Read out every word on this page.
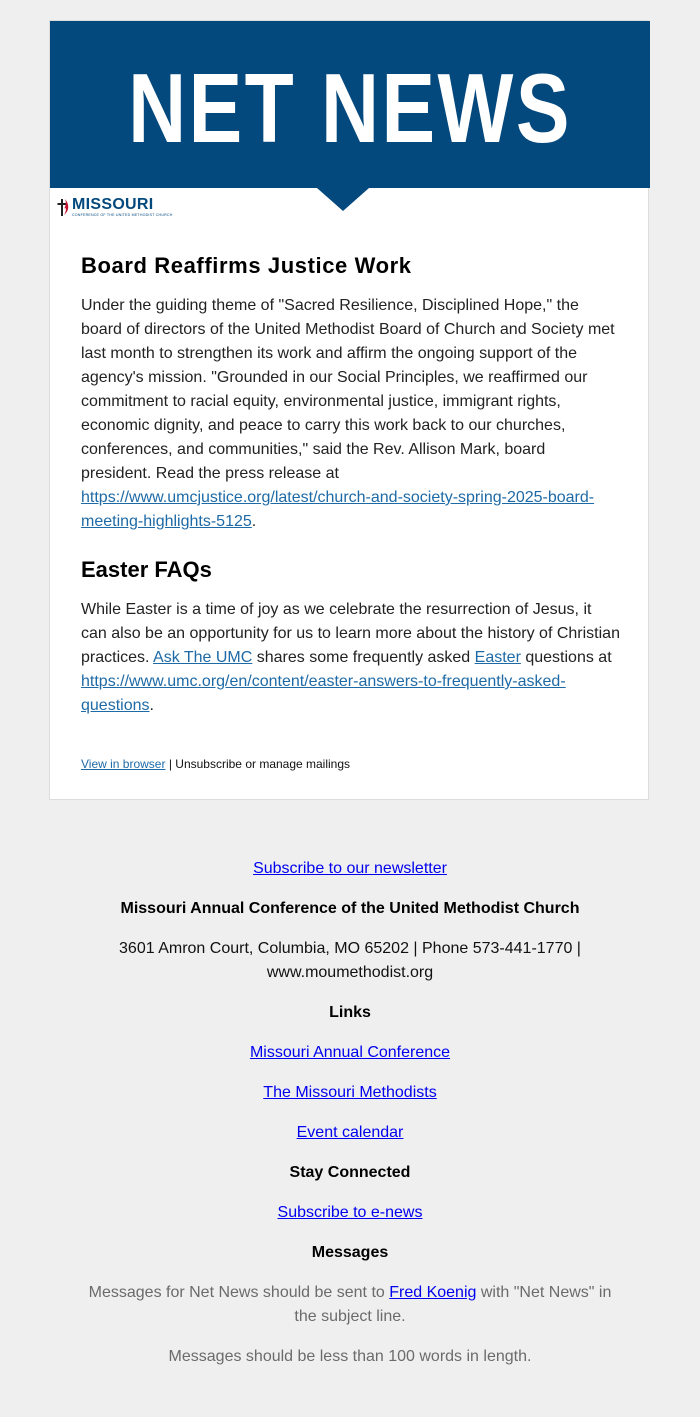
NET NEWS
MISSOURI
CONFERENCE OF THE UNITED METHODIST CHURCH
Board Reaffirms Justice Work

Under the guiding theme of "Sacred Resilience, Disciplined Hope," the
board of directors of the United Methodist Board of Church and Society met
last month to strengthen its work and affirm the ongoing support of the
agency's mission. "Grounded in our Social Principles, we reaffirmed our
commitment to racial equity, environmental justice, immigrant rights,
economic dignity, and peace to carry this work back to our churches,
conferences, and communities," said the Rev. Allison Mark, board
president. Read the press release at
https://www.umcjustice.org/latest/church-and-society-spring-2025-board-
meeting-highlights-5125.

Easter FAQs

While Easter is a time of joy as we celebrate the resurrection of Jesus, it
can also be an opportunity for us to learn more about the history of Christian
practices. Ask The UMC shares some frequently asked Easter questions at
https://www.umc.org/en/content/easter-answers-to-frequently-asked-
questions.

View in browser | Unsubscribe or manage mailings
Subscribe to our newsletter
Missouri Annual Conference of the United Methodist Church
3601 Amron Court, Columbia, MO 65202 | Phone 573-441-1770 |
www.moumethodist.org
Links
Missouri Annual Conference
The Missouri Methodists
Event calendar
Stay Connected
Subscribe to e-news
Messages
Messages for Net News should be sent to Fred Koenig with "Net News" in
the subject line.
Messages should be less than 100 words in length.
